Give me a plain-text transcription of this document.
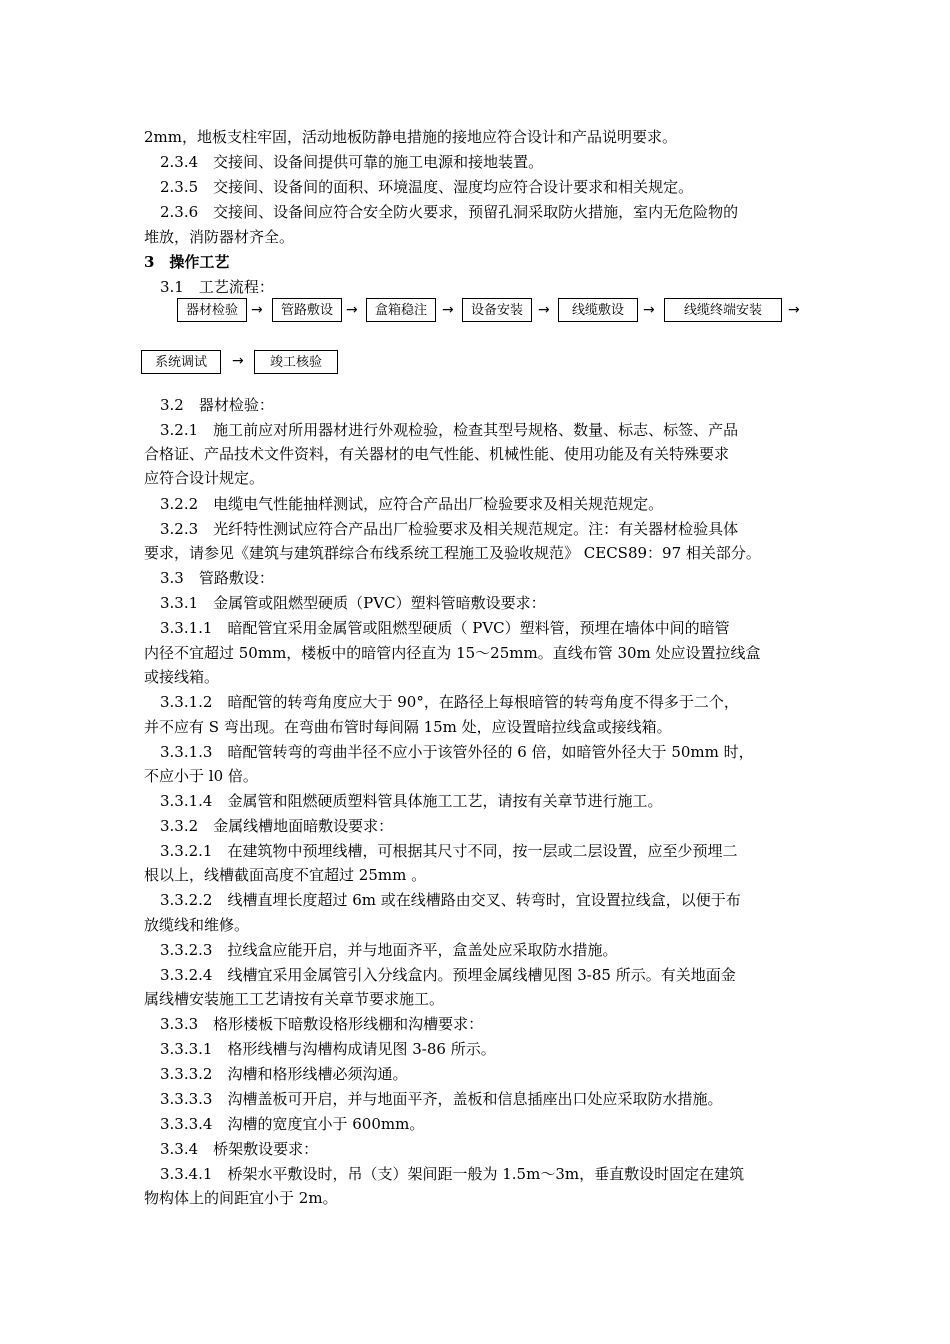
2mm，地板支柱牢固，活动地板防静电措施的接地应符合设计和产品说明要求。
2.3.4　交接间、设备间提供可靠的施工电源和接地装置。
2.3.5　交接间、设备间的面积、环境温度、湿度均应符合设计要求和相关规定。
2.3.6　交接间、设备间应符合安全防火要求，预留孔洞采取防火措施，室内无危险物的
堆放，消防器材齐全。
3　操作工艺
3.1　工艺流程：
器材检验 →	管路敷设 →	盒箱稳注	→	设备安装	→	线缆敷设	→	线缆终端安装	→
系统调试	→	竣工核验
3.2　器材检验：
3.2.1　施工前应对所用器材进行外观检验，检查其型号规格、数量、标志、标签、产品
合格证、产品技术文件资料，有关器材的电气性能、机械性能、使用功能及有关特殊要求
应符合设计规定。
3.2.2　电缆电气性能抽样测试，应符合产品出厂检验要求及相关规范规定。
3.2.3　光纤特性测试应符合产品出厂检验要求及相关规范规定。注：有关器材检验具体
要求，请参见《建筑与建筑群综合布线系统工程施工及验收规范》 CECS89：97 相关部分。
3.3　管路敷设：
3.3.1　金属管或阻燃型硬质（PVC）塑料管暗敷设要求：
3.3.1.1　暗配管宜采用金属管或阻燃型硬质（ PVC）塑料管，预埋在墙体中间的暗管
内径不宜超过 50mm，楼板中的暗管内径直为 15～25mm。直线布管 30m 处应设置拉线盒
或接线箱。
3.3.1.2　暗配管的转弯角度应大于 90°，在路径上每根暗管的转弯角度不得多于二个，
并不应有 S 弯出现。在弯曲布管时每间隔 15m 处，应设置暗拉线盒或接线箱。
3.3.1.3　暗配管转弯的弯曲半径不应小于该管外径的 6 倍，如暗管外径大于 50mm 时，
不应小于 l0 倍。
3.3.1.4　金属管和阻燃硬质塑料管具体施工工艺，请按有关章节进行施工。
3.3.2　金属线槽地面暗敷设要求：
3.3.2.1　在建筑物中预埋线槽，可根据其尺寸不同，按一层或二层设置，应至少预埋二
根以上，线槽截面高度不宜超过 25mm 。
3.3.2.2　线槽直埋长度超过 6m 或在线槽路由交叉、转弯时，宜设置拉线盒，以便于布
放缆线和维修。
3.3.2.3　拉线盒应能开启，并与地面齐平，盒盖处应采取防水措施。
3.3.2.4　线槽宜采用金属管引入分线盒内。预埋金属线槽见图 3-85 所示。有关地面金
属线槽安装施工工艺请按有关章节要求施工。
3.3.3　格形楼板下暗敷设格形线棚和沟槽要求：
3.3.3.1　格形线槽与沟槽构成请见图 3-86 所示。
3.3.3.2　沟槽和格形线槽必须沟通。
3.3.3.3　沟槽盖板可开启，并与地面平齐，盖板和信息插座出口处应采取防水措施。
3.3.3.4　沟槽的宽度宜小于 600mm。
3.3.4　桥架敷设要求：
3.3.4.1　桥架水平敷设时，吊（支）架间距一般为 1.5m～3m，垂直敷设时固定在建筑
物构体上的间距宜小于 2m。
